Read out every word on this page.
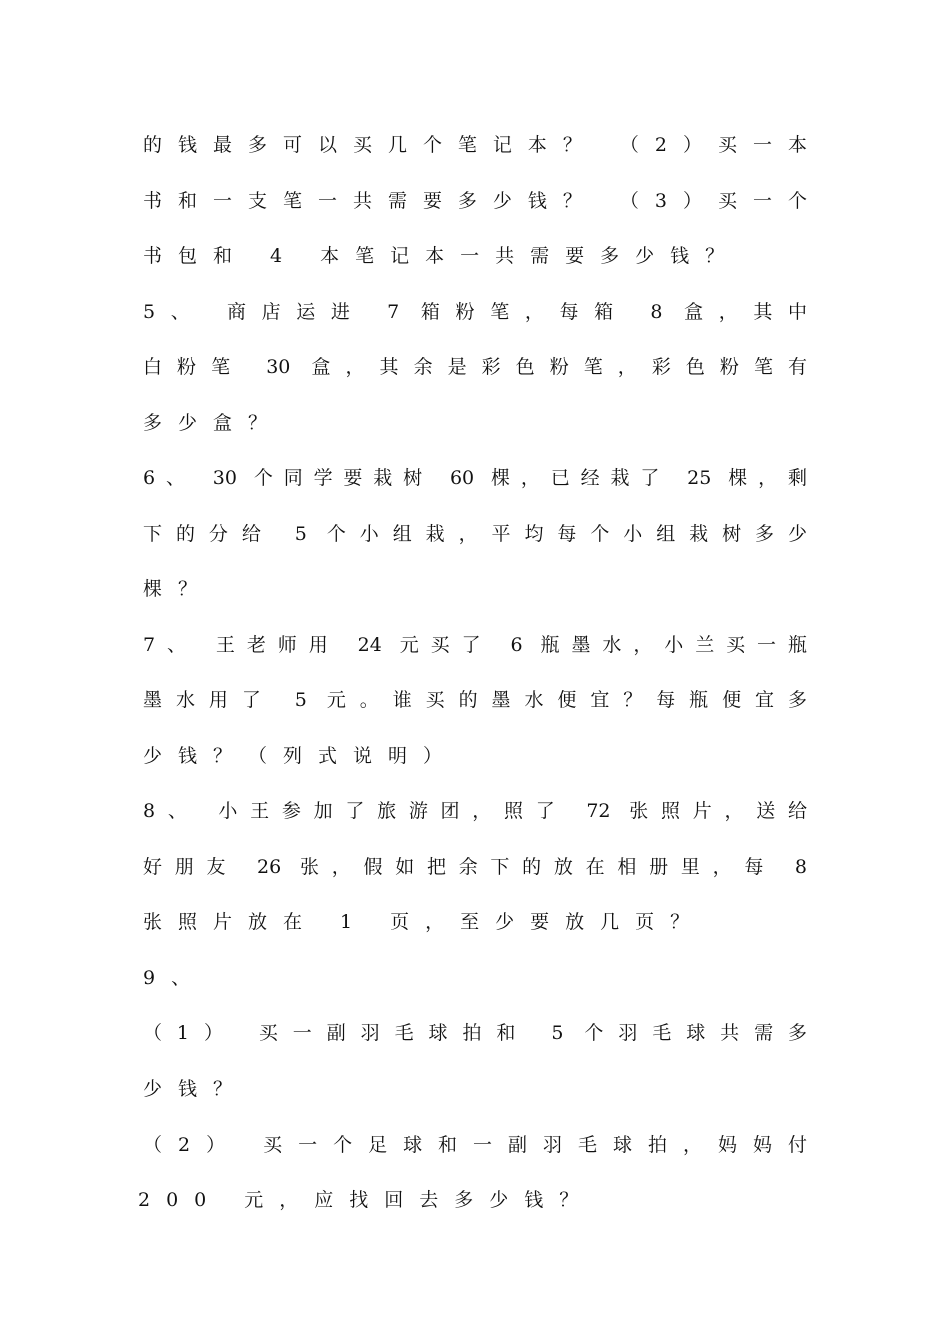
的钱最多可以买几个笔记本？ （2）买一本
书和一支笔一共需要多少钱？ （3）买一个
书包和 4 本笔记本一共需要多少钱？
5、 商店运进 7 箱粉笔，每箱 8 盒，其中
白粉笔 30 盒，其余是彩色粉笔，彩色粉笔有
多少盒？
6、 30 个同学要栽树 60 棵，已经栽了 25 棵，剩
下的分给 5 个小组栽，平均每个小组栽树多少
棵？
7、 王老师用 24 元买了 6 瓶墨水，小兰买一瓶
墨水用了 5 元。谁买的墨水便宜？每瓶便宜多
少钱？（列式说明）
8、 小王参加了旅游团，照了 72 张照片，送给
好朋友 26 张，假如把余下的放在相册里，每 8
张照片放在 1 页，至少要放几页？
9、
（1） 买一副羽毛球拍和 5 个羽毛球共需多
少钱？
（2） 买一个足球和一副羽毛球拍，妈妈付
200 元，应找回去多少钱？
